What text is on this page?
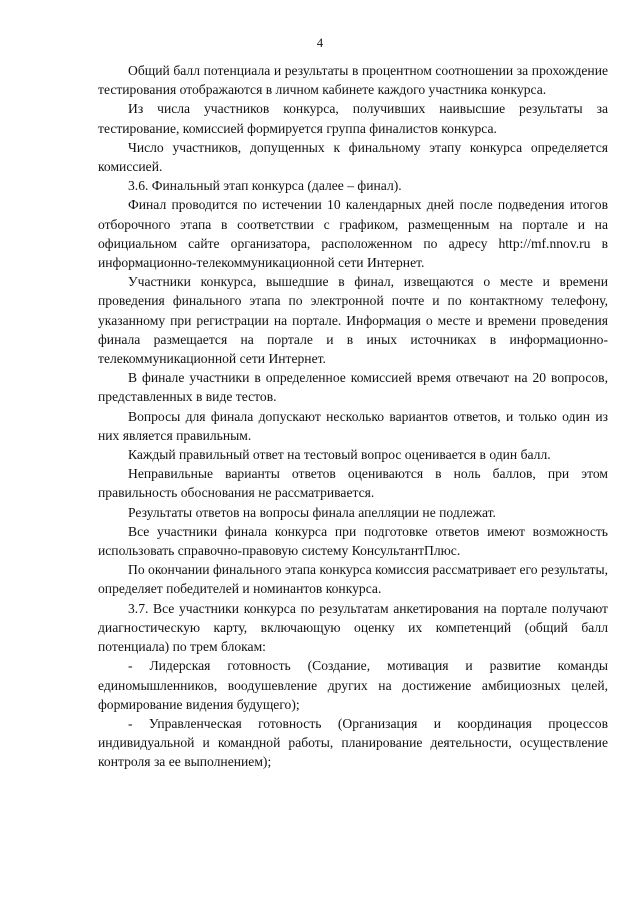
4

Общий балл потенциала и результаты в процентном соотношении за прохождение тестирования отображаются в личном кабинете каждого участника конкурса.

Из числа участников конкурса, получивших наивысшие результаты за тестирование, комиссией формируется группа финалистов конкурса.

Число участников, допущенных к финальному этапу конкурса определяется комиссией.

3.6. Финальный этап конкурса (далее – финал).

Финал проводится по истечении 10 календарных дней после подведения итогов отборочного этапа в соответствии с графиком, размещенным на портале и на официальном сайте организатора, расположенном по адресу http://mf.nnov.ru в информационно-телекоммуникационной сети Интернет.

Участники конкурса, вышедшие в финал, извещаются о месте и времени проведения финального этапа по электронной почте и по контактному телефону, указанному при регистрации на портале. Информация о месте и времени проведения финала размещается на портале и в иных источниках в информационно-телекоммуникационной сети Интернет.

В финале участники в определенное комиссией время отвечают на 20 вопросов, представленных в виде тестов.

Вопросы для финала допускают несколько вариантов ответов, и только один из них является правильным.

Каждый правильный ответ на тестовый вопрос оценивается в один балл.

Неправильные варианты ответов оцениваются в ноль баллов, при этом правильность обоснования не рассматривается.

Результаты ответов на вопросы финала апелляции не подлежат.

Все участники финала конкурса при подготовке ответов имеют возможность использовать справочно-правовую систему КонсультантПлюс.

По окончании финального этапа конкурса комиссия рассматривает его результаты, определяет победителей и номинантов конкурса.

3.7. Все участники конкурса по результатам анкетирования на портале получают диагностическую карту, включающую оценку их компетенций (общий балл потенциала) по трем блокам:

- Лидерская готовность (Создание, мотивация и развитие команды единомышленников, воодушевление других на достижение амбициозных целей, формирование видения будущего);

- Управленческая готовность (Организация и координация процессов индивидуальной и командной работы, планирование деятельности, осуществление контроля за ее выполнением);
